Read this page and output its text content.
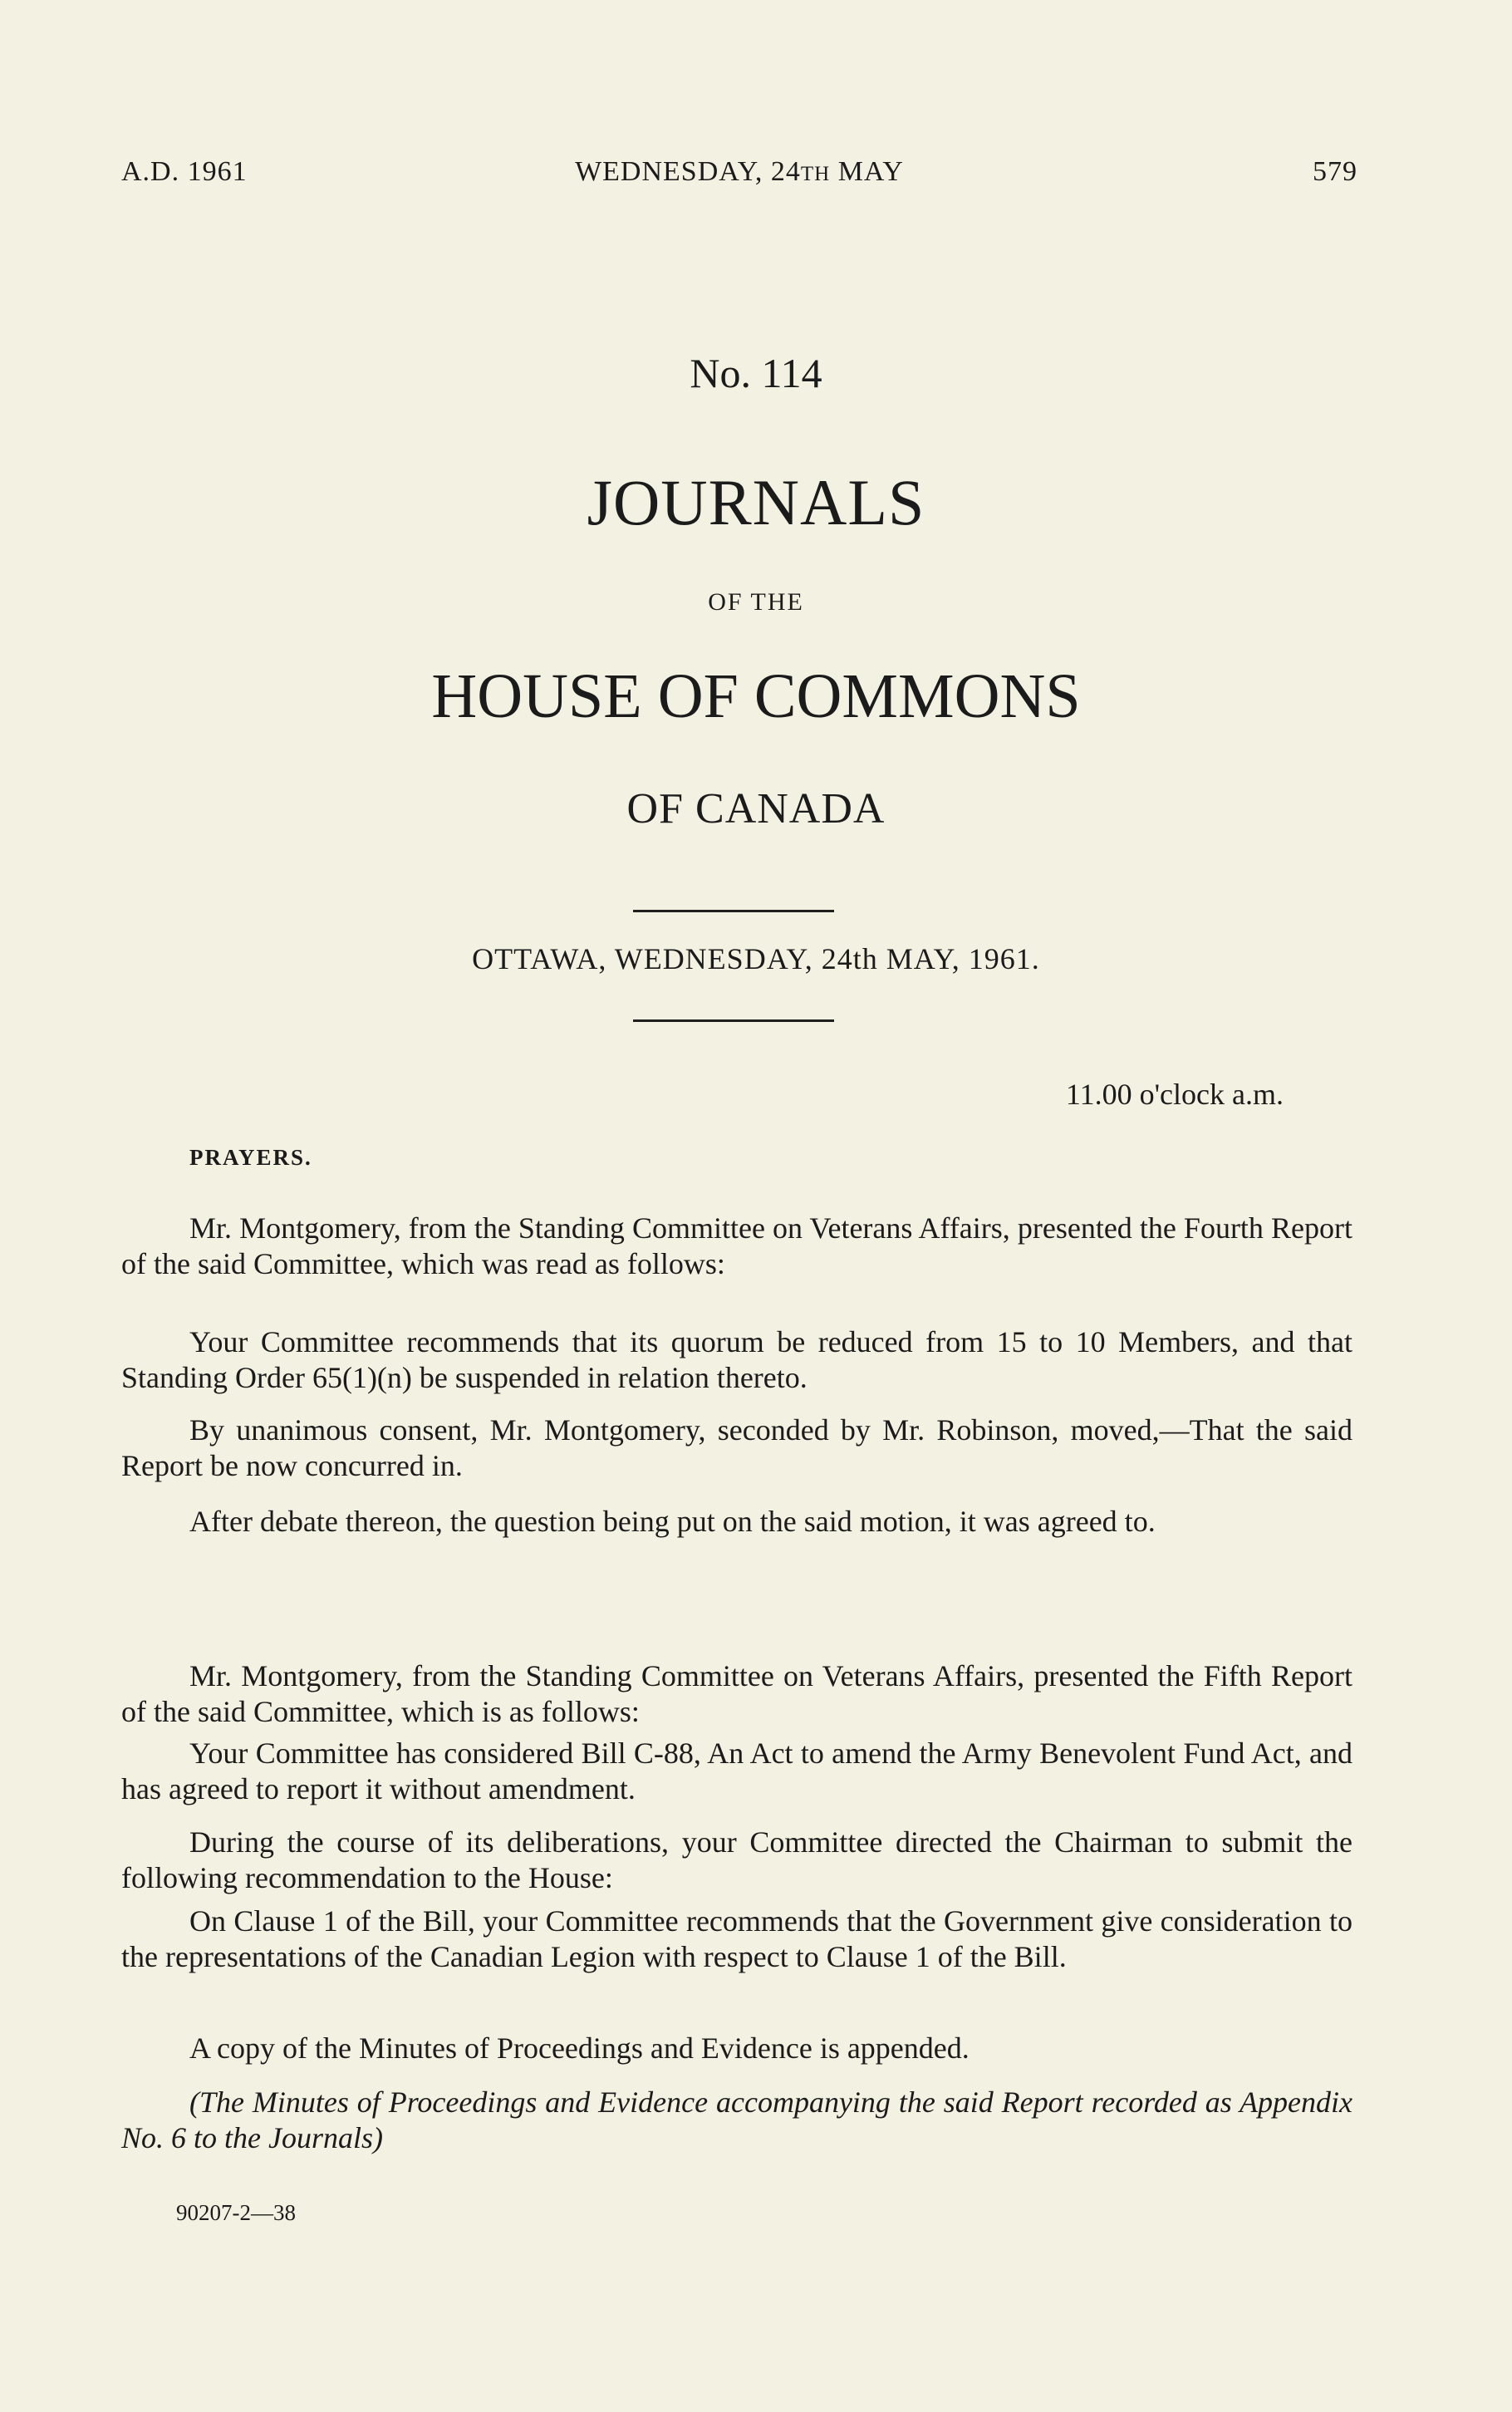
A.D. 1961	WEDNESDAY, 24TH MAY	579
No. 114
JOURNALS
OF THE
HOUSE OF COMMONS
OF CANADA
OTTAWA, WEDNESDAY, 24th MAY, 1961.
11.00 o'clock a.m.
PRAYERS.

Mr. Montgomery, from the Standing Committee on Veterans Affairs, presented the Fourth Report of the said Committee, which was read as follows:

Your Committee recommends that its quorum be reduced from 15 to 10 Members, and that Standing Order 65(1)(n) be suspended in relation thereto.

By unanimous consent, Mr. Montgomery, seconded by Mr. Robinson, moved,—That the said Report be now concurred in.

After debate thereon, the question being put on the said motion, it was agreed to.

Mr. Montgomery, from the Standing Committee on Veterans Affairs, presented the Fifth Report of the said Committee, which is as follows:

Your Committee has considered Bill C-88, An Act to amend the Army Benevolent Fund Act, and has agreed to report it without amendment.

During the course of its deliberations, your Committee directed the Chairman to submit the following recommendation to the House:

On Clause 1 of the Bill, your Committee recommends that the Government give consideration to the representations of the Canadian Legion with respect to Clause 1 of the Bill.

A copy of the Minutes of Proceedings and Evidence is appended.

(The Minutes of Proceedings and Evidence accompanying the said Report recorded as Appendix No. 6 to the Journals)

90207-2—38
